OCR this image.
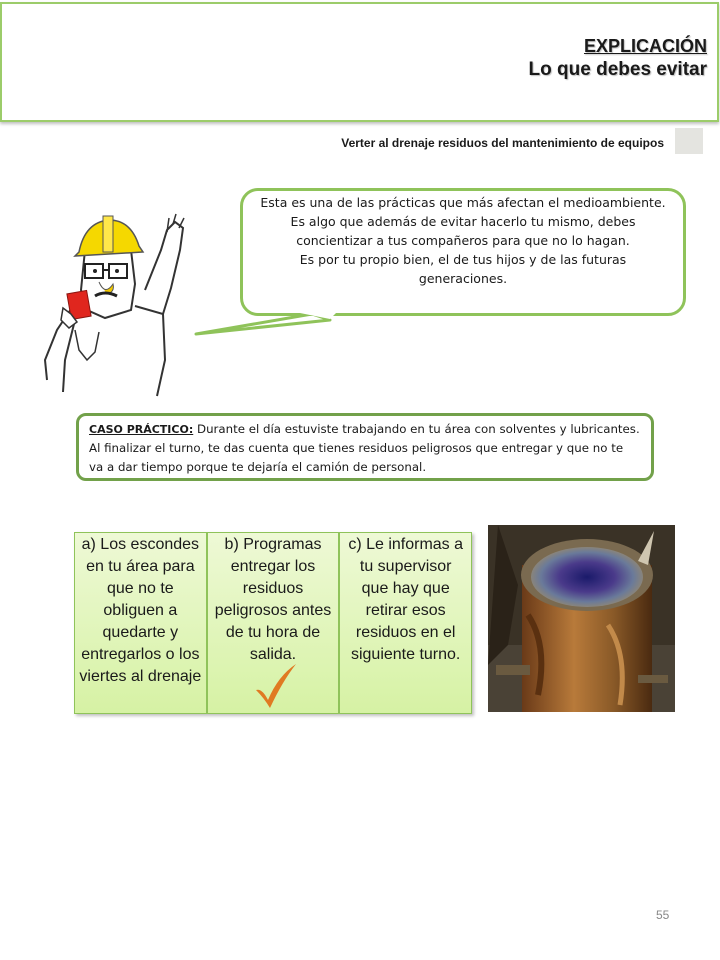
EXPLICACIÓN
Lo que debes evitar
Verter al drenaje residuos del mantenimiento de equipos

Esta es una de las prácticas que más afectan el medioambiente.

Es algo que además de evitar hacerlo tu mismo, debes concientizar a tus compañeros para que no lo hagan.

Es por tu propio bien, el de tus hijos y de las futuras generaciones.

CASO PRÁCTICO: Durante el día estuviste trabajando en tu área con solventes y lubricantes. Al finalizar el turno, te das cuenta que tienes residuos peligrosos que entregar y que no te va a dar tiempo porque te dejaría el camión de personal.
a) Los escondes en tu área para que no te obliguen a quedarte y entregarlos o los viertes al drenaje
b) Programas entregar los residuos peligrosos antes de tu hora de salida.
c) Le informas a tu supervisor que hay que retirar esos residuos en el siguiente turno.
55
